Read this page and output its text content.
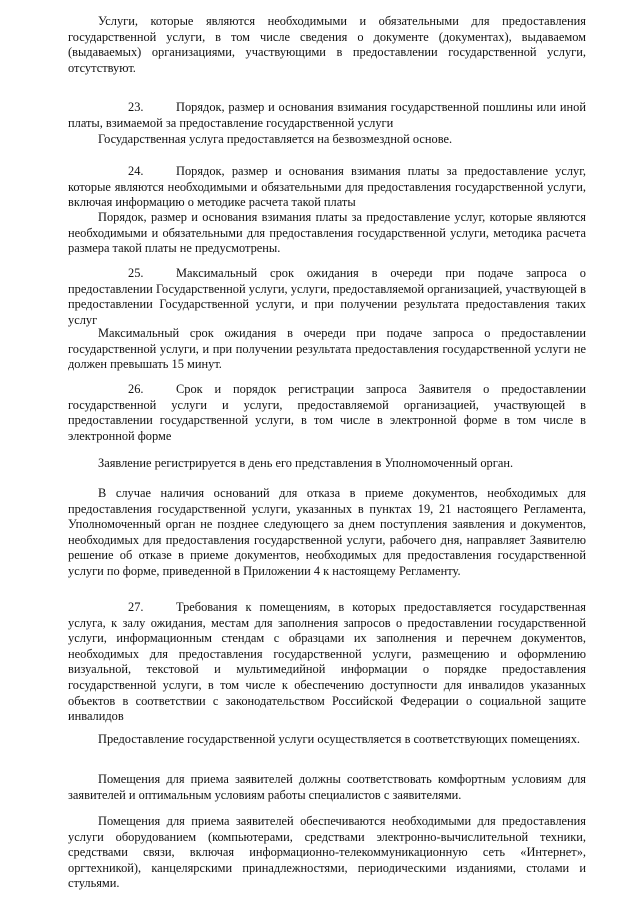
Услуги, которые являются необходимыми и обязательными для предоставления государственной услуги, в том числе сведения о документе (документах), выдаваемом (выдаваемых) организациями, участвующими в предоставлении государственной услуги, отсутствуют.

23.	Порядок, размер и основания взимания государственной пошлины или иной платы, взимаемой за предоставление государственной услуги

Государственная услуга предоставляется на безвозмездной основе.

24.	Порядок, размер и основания взимания платы за предоставление услуг, которые являются необходимыми и обязательными для предоставления государственной услуги, включая информацию о методике расчета такой платы

Порядок, размер и основания взимания платы за предоставление услуг, которые являются необходимыми и обязательными для предоставления государственной услуги, методика расчета размера такой платы не предусмотрены.

25.	Максимальный срок ожидания в очереди при подаче запроса о предоставлении Государственной услуги, услуги, предоставляемой организацией, участвующей в предоставлении Государственной услуги, и при получении результата предоставления таких услуг

Максимальный срок ожидания в очереди при подаче запроса о предоставлении государственной услуги, и при получении результата предоставления государственной услуги не должен превышать 15 минут.

26.	Срок и порядок регистрации запроса Заявителя о предоставлении государственной услуги и услуги, предоставляемой организацией, участвующей в предоставлении государственной услуги, в том числе в электронной форме в том числе в электронной форме

Заявление регистрируется в день его представления в Уполномоченный орган.

В случае наличия оснований для отказа в приеме документов, необходимых для предоставления государственной услуги, указанных в пунктах 19, 21 настоящего Регламента, Уполномоченный орган не позднее следующего за днем поступления заявления и документов, необходимых для предоставления государственной услуги, рабочего дня, направляет Заявителю решение об отказе в приеме документов, необходимых для предоставления государственной услуги по форме, приведенной в Приложении 4 к настоящему Регламенту.

27.	Требования к помещениям, в которых предоставляется государственная услуга, к залу ожидания, местам для заполнения запросов о предоставлении государственной услуги, информационным стендам с образцами их заполнения и перечнем документов, необходимых для предоставления государственной услуги, размещению и оформлению визуальной, текстовой и мультимедийной информации о порядке предоставления государственной услуги, в том числе к обеспечению доступности для инвалидов указанных объектов в соответствии с законодательством Российской Федерации о социальной защите инвалидов

Предоставление государственной услуги осуществляется в соответствующих помещениях.

Помещения для приема заявителей должны соответствовать комфортным условиям для заявителей и оптимальным условиям работы специалистов с заявителями.

Помещения для приема заявителей обеспечиваются необходимыми для предоставления услуги оборудованием (компьютерами, средствами электронно-вычислительной техники, средствами связи, включая информационно-телекоммуникационную сеть «Интернет», оргтехникой), канцелярскими принадлежностями, периодическими изданиями, столами и стульями.
